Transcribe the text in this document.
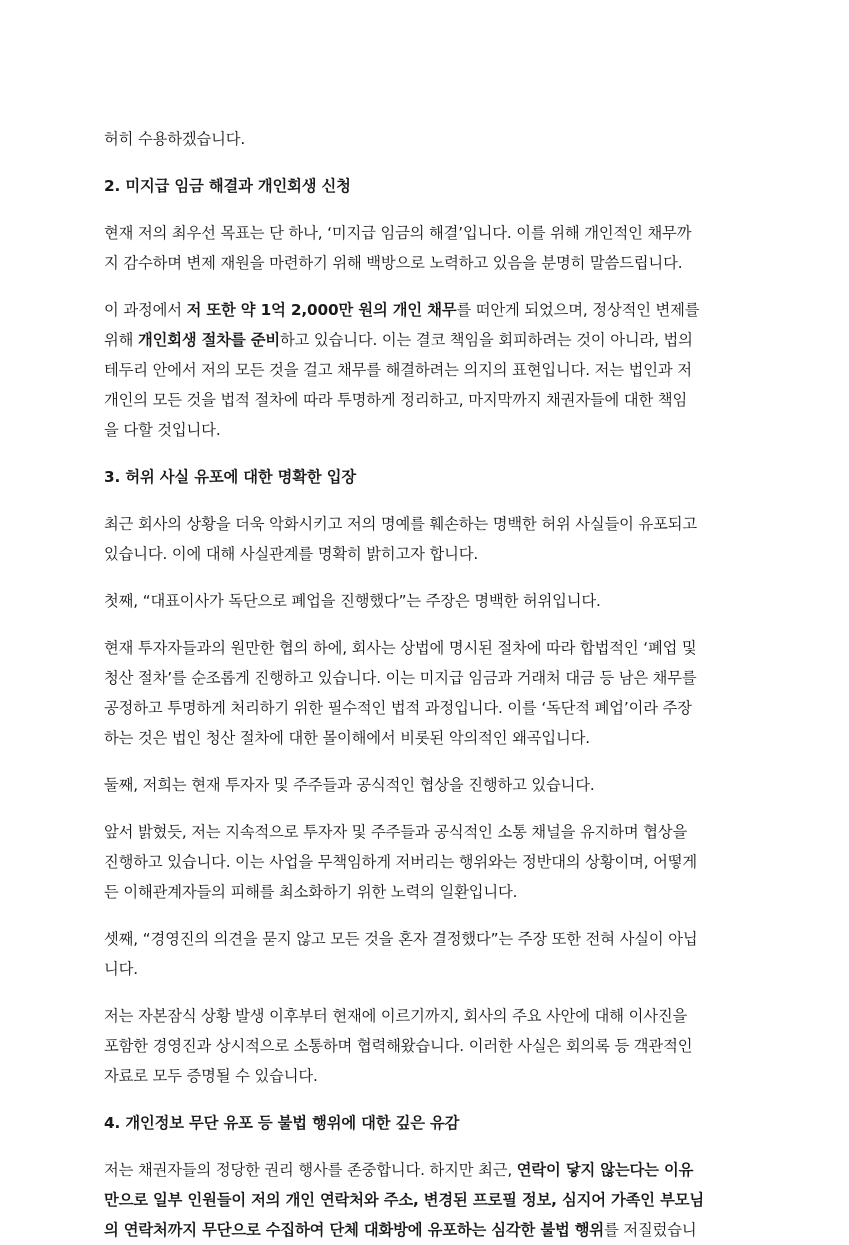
허히 수용하겠습니다.
2. 미지급 임금 해결과 개인회생 신청
현재 저의 최우선 목표는 단 하나, ‘미지급 임금의 해결’입니다. 이를 위해 개인적인 채무까
지 감수하며 변제 재원을 마련하기 위해 백방으로 노력하고 있음을 분명히 말씀드립니다.
이 과정에서 저 또한 약 1억 2,000만 원의 개인 채무를 떠안게 되었으며, 정상적인 변제를
위해 개인회생 절차를 준비하고 있습니다. 이는 결코 책임을 회피하려는 것이 아니라, 법의
테두리 안에서 저의 모든 것을 걸고 채무를 해결하려는 의지의 표현입니다. 저는 법인과 저
개인의 모든 것을 법적 절차에 따라 투명하게 정리하고, 마지막까지 채권자들에 대한 책임
을 다할 것입니다.
3. 허위 사실 유포에 대한 명확한 입장
최근 회사의 상황을 더욱 악화시키고 저의 명예를 훼손하는 명백한 허위 사실들이 유포되고
있습니다. 이에 대해 사실관계를 명확히 밝히고자 합니다.
첫째, “대표이사가 독단으로 폐업을 진행했다”는 주장은 명백한 허위입니다.
현재 투자자들과의 원만한 협의 하에, 회사는 상법에 명시된 절차에 따라 합법적인 ‘폐업 및
청산 절차’를 순조롭게 진행하고 있습니다. 이는 미지급 임금과 거래처 대금 등 남은 채무를
공정하고 투명하게 처리하기 위한 필수적인 법적 과정입니다. 이를 ‘독단적 폐업’이라 주장
하는 것은 법인 청산 절차에 대한 몰이해에서 비롯된 악의적인 왜곡입니다.
둘째, 저희는 현재 투자자 및 주주들과 공식적인 협상을 진행하고 있습니다.
앞서 밝혔듯, 저는 지속적으로 투자자 및 주주들과 공식적인 소통 채널을 유지하며 협상을
진행하고 있습니다. 이는 사업을 무책임하게 저버리는 행위와는 정반대의 상황이며, 어떻게
든 이해관계자들의 피해를 최소화하기 위한 노력의 일환입니다.
셋째, “경영진의 의견을 묻지 않고 모든 것을 혼자 결정했다”는 주장 또한 전혀 사실이 아닙
니다.
저는 자본잠식 상황 발생 이후부터 현재에 이르기까지, 회사의 주요 사안에 대해 이사진을
포함한 경영진과 상시적으로 소통하며 협력해왔습니다. 이러한 사실은 회의록 등 객관적인
자료로 모두 증명될 수 있습니다.
4. 개인정보 무단 유포 등 불법 행위에 대한 깊은 유감
저는 채권자들의 정당한 권리 행사를 존중합니다. 하지만 최근, 연락이 닿지 않는다는 이유
만으로 일부 인원들이 저의 개인 연락처와 주소, 변경된 프로필 정보, 심지어 가족인 부모님
의 연락처까지 무단으로 수집하여 단체 대화방에 유포하는 심각한 불법 행위를 저질렀습니
